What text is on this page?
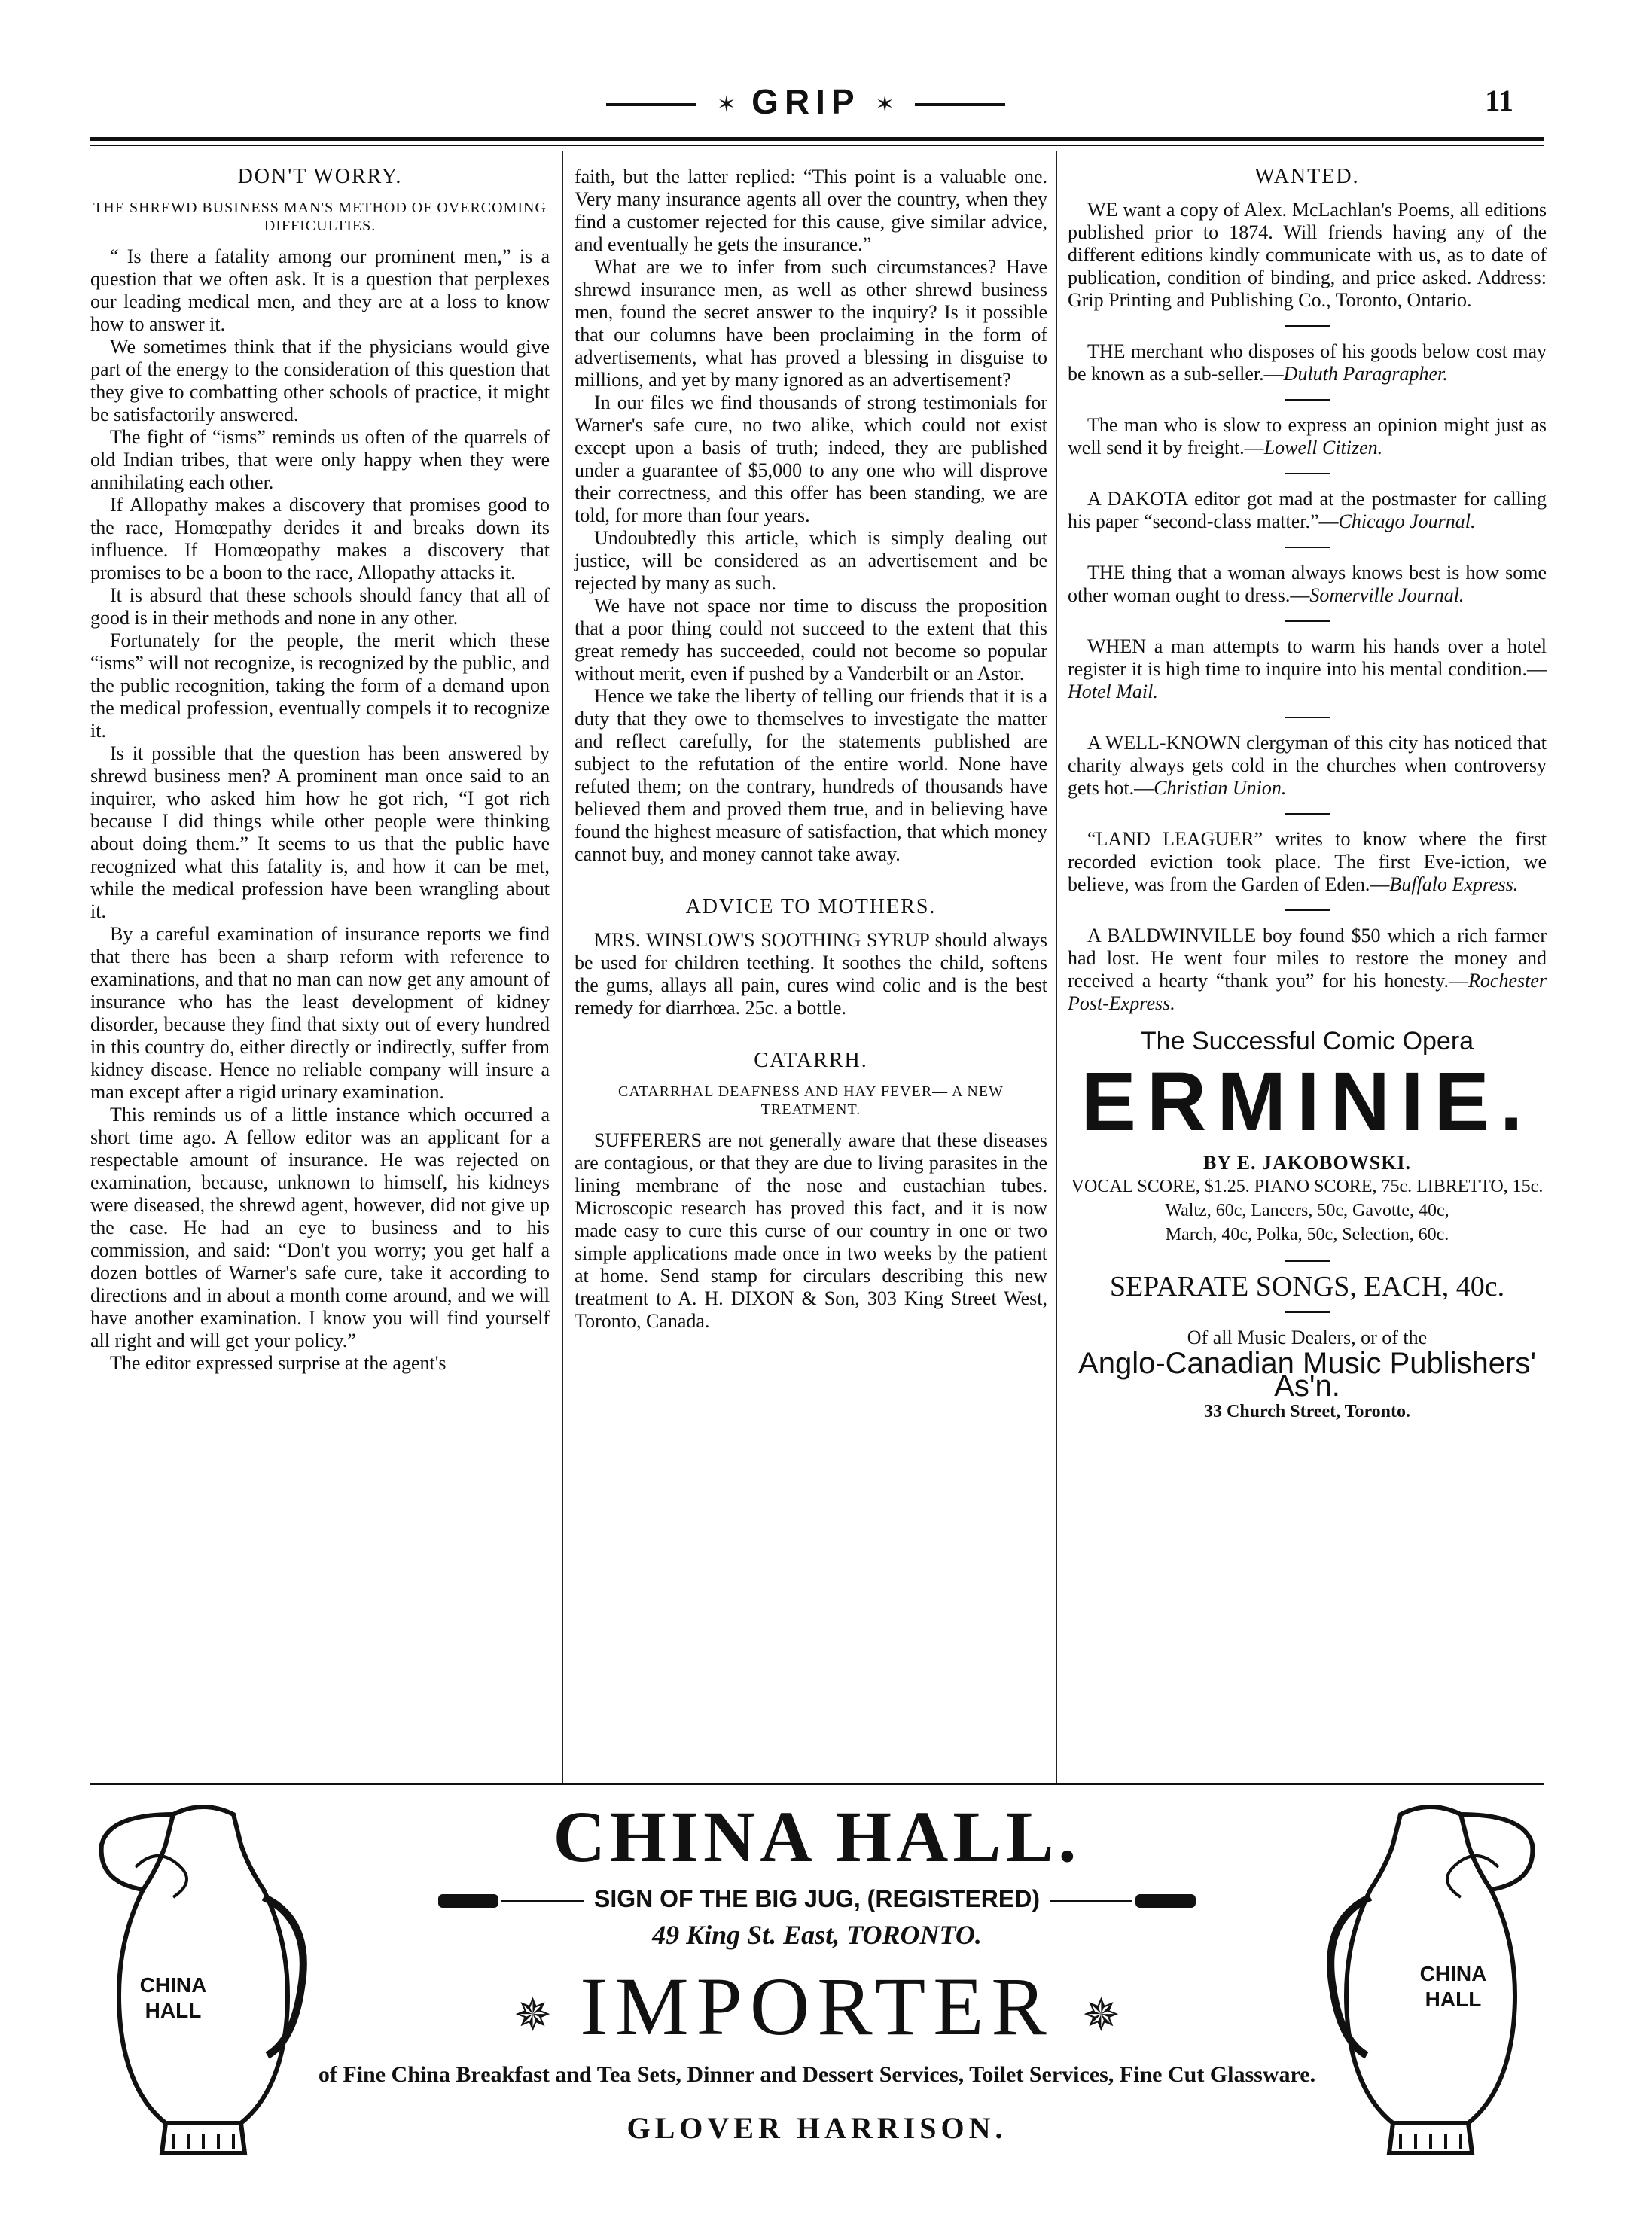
✶ GRIP ✶	11
DON'T WORRY.
THE SHREWD BUSINESS MAN'S METHOD OF OVERCOMING DIFFICULTIES.

“ Is there a fatality among our prominent men,” is a question that we often ask. It is a question that perplexes our leading medical men, and they are at a loss to know how to answer it.

We sometimes think that if the physicians would give part of the energy to the consideration of this question that they give to combatting other schools of practice, it might be satisfactorily answered.

The fight of “isms” reminds us often of the quarrels of old Indian tribes, that were only happy when they were annihilating each other.

If Allopathy makes a discovery that promises good to the race, Homœpathy derides it and breaks down its influence. If Homœopathy makes a discovery that promises to be a boon to the race, Allopathy attacks it.

It is absurd that these schools should fancy that all of good is in their methods and none in any other.

Fortunately for the people, the merit which these “isms” will not recognize, is recognized by the public, and the public recognition, taking the form of a demand upon the medical profession, eventually compels it to recognize it.

Is it possible that the question has been answered by shrewd business men? A prominent man once said to an inquirer, who asked him how he got rich, “I got rich because I did things while other people were thinking about doing them.” It seems to us that the public have recognized what this fatality is, and how it can be met, while the medical profession have been wrangling about it.

By a careful examination of insurance reports we find that there has been a sharp reform with reference to examinations, and that no man can now get any amount of insurance who has the least development of kidney disorder, because they find that sixty out of every hundred in this country do, either directly or indirectly, suffer from kidney disease. Hence no reliable company will insure a man except after a rigid urinary examination.

This reminds us of a little instance which occurred a short time ago. A fellow editor was an applicant for a respectable amount of insurance. He was rejected on examination, because, unknown to himself, his kidneys were diseased, the shrewd agent, however, did not give up the case. He had an eye to business and to his commission, and said: “Don't you worry; you get half a dozen bottles of Warner's safe cure, take it according to directions and in about a month come around, and we will have another examination. I know you will find yourself all right and will get your policy.”

The editor expressed surprise at the agent's

faith, but the latter replied: “This point is a valuable one. Very many insurance agents all over the country, when they find a customer rejected for this cause, give similar advice, and eventually he gets the insurance.”

What are we to infer from such circumstances? Have shrewd insurance men, as well as other shrewd business men, found the secret answer to the inquiry? Is it possible that our columns have been proclaiming in the form of advertisements, what has proved a blessing in disguise to millions, and yet by many ignored as an advertisement?

In our files we find thousands of strong testimonials for Warner's safe cure, no two alike, which could not exist except upon a basis of truth; indeed, they are published under a guarantee of $5,000 to any one who will disprove their correctness, and this offer has been standing, we are told, for more than four years.

Undoubtedly this article, which is simply dealing out justice, will be considered as an advertisement and be rejected by many as such.

We have not space nor time to discuss the proposition that a poor thing could not succeed to the extent that this great remedy has succeeded, could not become so popular without merit, even if pushed by a Vanderbilt or an Astor.

Hence we take the liberty of telling our friends that it is a duty that they owe to themselves to investigate the matter and reflect carefully, for the statements published are subject to the refutation of the entire world. None have refuted them; on the contrary, hundreds of thousands have believed them and proved them true, and in believing have found the highest measure of satisfaction, that which money cannot buy, and money cannot take away.

ADVICE TO MOTHERS.

MRS. WINSLOW'S SOOTHING SYRUP should always be used for children teething. It soothes the child, softens the gums, allays all pain, cures wind colic and is the best remedy for diarrhœa. 25c. a bottle.

CATARRH.
CATARRHAL DEAFNESS AND HAY FEVER— A NEW TREATMENT.

SUFFERERS are not generally aware that these diseases are contagious, or that they are due to living parasites in the lining membrane of the nose and eustachian tubes. Microscopic research has proved this fact, and it is now made easy to cure this curse of our country in one or two simple applications made once in two weeks by the patient at home. Send stamp for circulars describing this new treatment to A. H. DIXON & Son, 303 King Street West, Toronto, Canada.

WANTED.

WE want a copy of Alex. McLachlan's Poems, all editions published prior to 1874. Will friends having any of the different editions kindly communicate with us, as to date of publication, condition of binding, and price asked. Address: Grip Printing and Publishing Co., Toronto, Ontario.

THE merchant who disposes of his goods below cost may be known as a sub-seller.—Duluth Paragrapher.

The man who is slow to express an opinion might just as well send it by freight.—Lowell Citizen.

A DAKOTA editor got mad at the postmaster for calling his paper “second-class matter.”—Chicago Journal.

THE thing that a woman always knows best is how some other woman ought to dress.—Somerville Journal.

WHEN a man attempts to warm his hands over a hotel register it is high time to inquire into his mental condition.—Hotel Mail.

A WELL-KNOWN clergyman of this city has noticed that charity always gets cold in the churches when controversy gets hot.—Christian Union.

“LAND LEAGUER” writes to know where the first recorded eviction took place. The first Eve-iction, we believe, was from the Garden of Eden.—Buffalo Express.

A BALDWINVILLE boy found $50 which a rich farmer had lost. He went four miles to restore the money and received a hearty “thank you” for his honesty.—Rochester Post-Express.

The Successful Comic Opera
ERMINIE.
BY E. JAKOBOWSKI.
VOCAL SCORE, $1.25. PIANO SCORE, 75c. LIBRETTO, 15c.
Waltz, 60c, Lancers, 50c, Gavotte, 40c,
March, 40c, Polka, 50c, Selection, 60c.
SEPARATE SONGS, EACH, 40c.
Of all Music Dealers, or of the
Anglo-Canadian Music Publishers' As'n.
33 Church Street, Toronto.
CHINA
HALL
CHINA
HALL
CHINA HALL.
SIGN OF THE BIG JUG, (REGISTERED)
49 King St. East, TORONTO.
✵ IMPORTER ✵
of Fine China Breakfast and Tea Sets, Dinner and Dessert Services, Toilet Services, Fine Cut Glassware.
GLOVER HARRISON.
